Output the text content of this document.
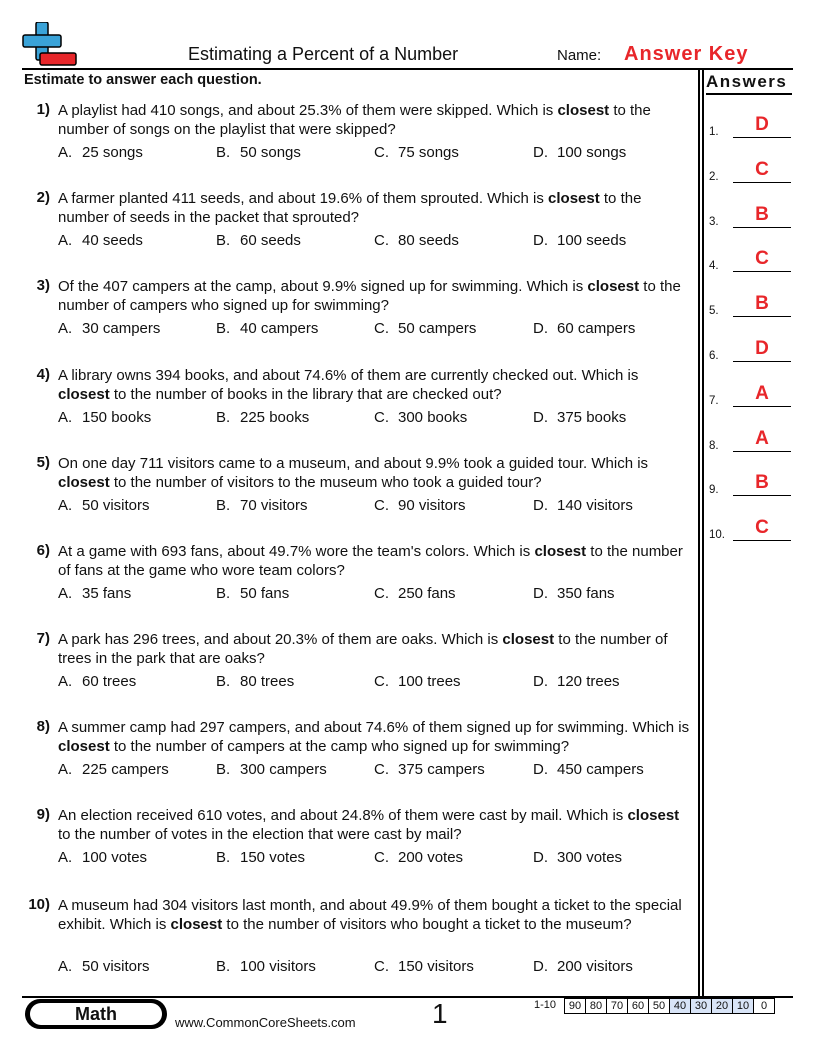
Estimating a Percent of a Number	Name: Answer Key
Estimate to answer each question.	Answers
1.	D
2.	C
3.	B
4.	C
5.	B
6.	D
7.	A
8.	A
9.	B
10.	C
1) A playlist had 410 songs, and about 25.3% of them were skipped. Which is closest to the number of songs on the playlist that were skipped?
A. 25 songs	B. 50 songs	C. 75 songs	D. 100 songs
2) A farmer planted 411 seeds, and about 19.6% of them sprouted. Which is closest to the number of seeds in the packet that sprouted?
A. 40 seeds	B. 60 seeds	C. 80 seeds	D. 100 seeds
3) Of the 407 campers at the camp, about 9.9% signed up for swimming. Which is closest to the number of campers who signed up for swimming?
A. 30 campers	B. 40 campers	C. 50 campers	D. 60 campers
4) A library owns 394 books, and about 74.6% of them are currently checked out. Which is closest to the number of books in the library that are checked out?
A. 150 books	B. 225 books	C. 300 books	D. 375 books
5) On one day 711 visitors came to a museum, and about 9.9% took a guided tour. Which is closest to the number of visitors to the museum who took a guided tour?
A. 50 visitors	B. 70 visitors	C. 90 visitors	D. 140 visitors
6) At a game with 693 fans, about 49.7% wore the team's colors. Which is closest to the number of fans at the game who wore team colors?
A. 35 fans	B. 50 fans	C. 250 fans	D. 350 fans
7) A park has 296 trees, and about 20.3% of them are oaks. Which is closest to the number of trees in the park that are oaks?
A. 60 trees	B. 80 trees	C. 100 trees	D. 120 trees
8) A summer camp had 297 campers, and about 74.6% of them signed up for swimming. Which is closest to the number of campers at the camp who signed up for swimming?
A. 225 campers	B. 300 campers	C. 375 campers	D. 450 campers
9) An election received 610 votes, and about 24.8% of them were cast by mail. Which is closest to the number of votes in the election that were cast by mail?
A. 100 votes	B. 150 votes	C. 200 votes	D. 300 votes
10) A museum had 304 visitors last month, and about 49.9% of them bought a ticket to the special exhibit. Which is closest to the number of visitors who bought a ticket to the museum?
A. 50 visitors	B. 100 visitors	C. 150 visitors	D. 200 visitors
Math	www.CommonCoreSheets.com	1	1-10 90	80	70	60	50	40	30	20	10	0
